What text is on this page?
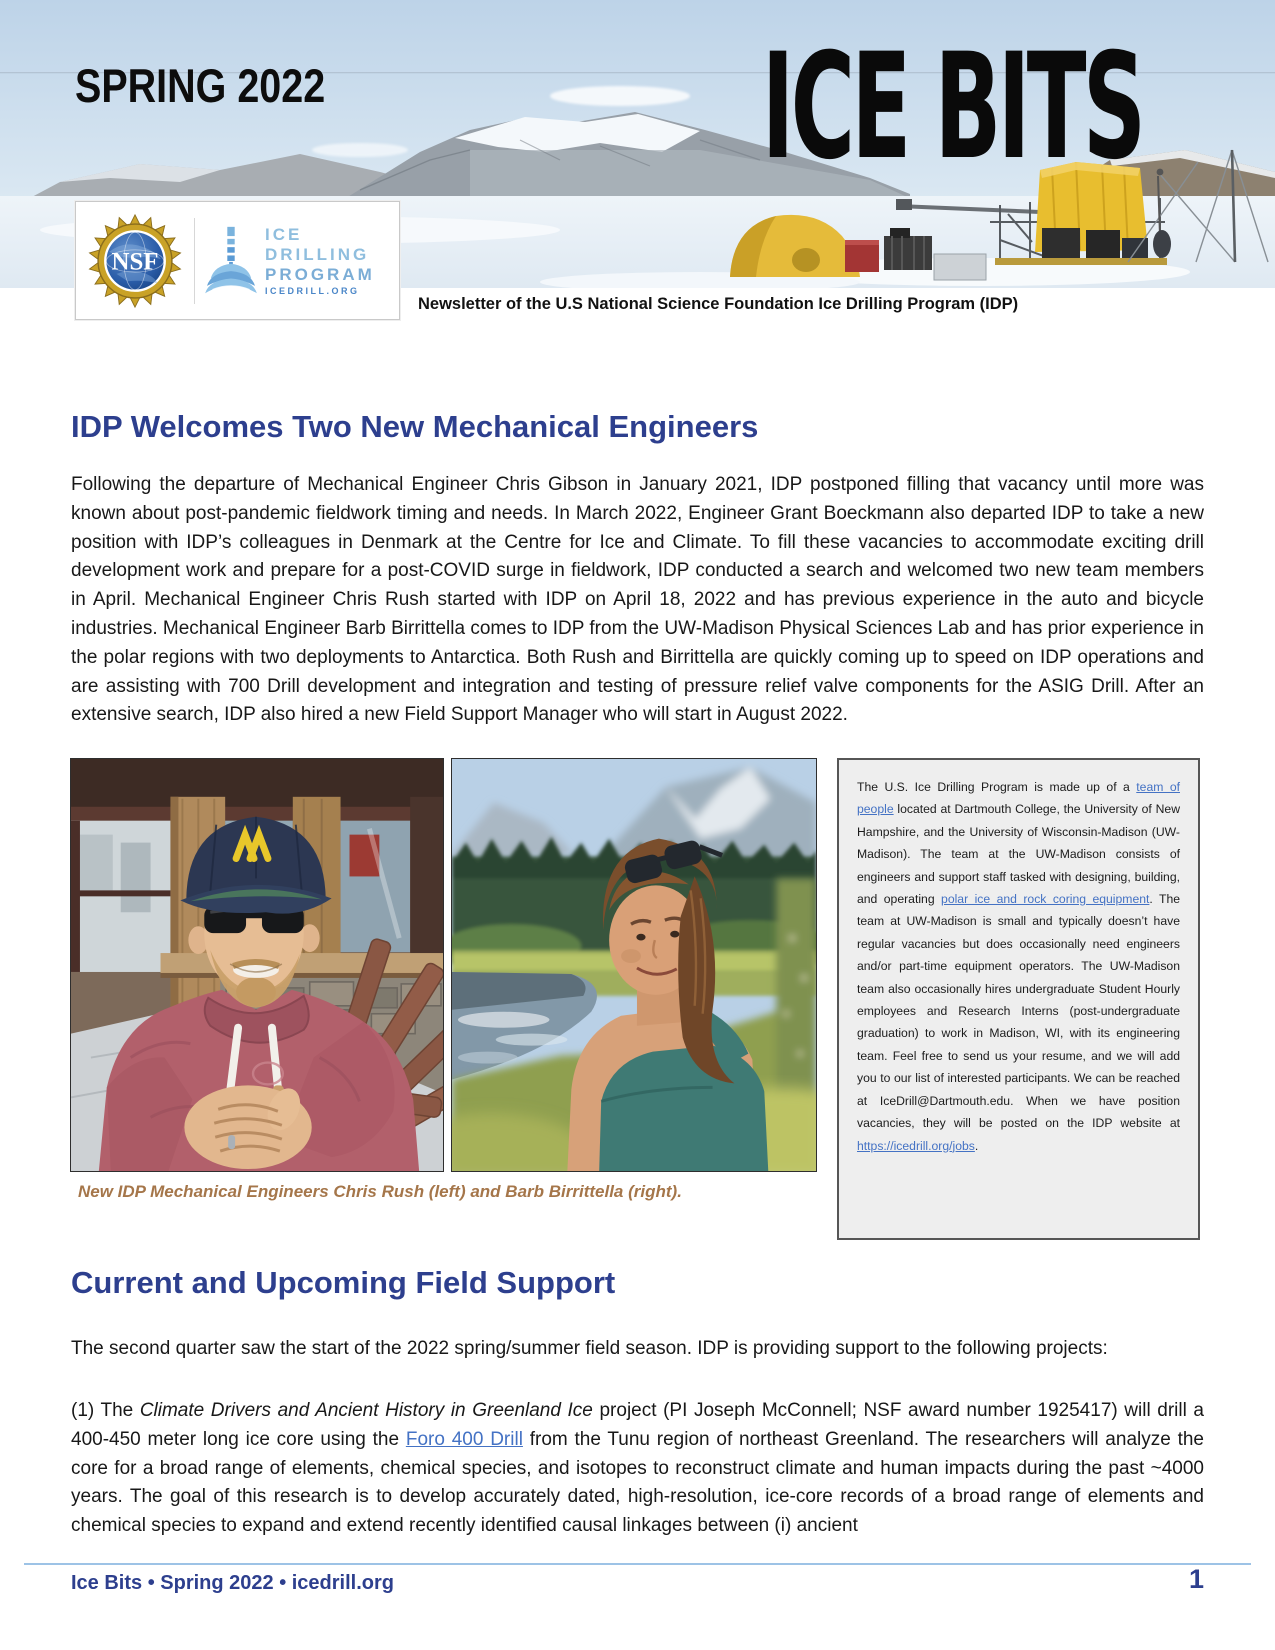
SPRING 2022	ICE BITS
NSF
ICE
DRILLING
PROGRAM
ICEDRILL.ORG
Newsletter of the U.S National Science Foundation Ice Drilling Program (IDP)
IDP Welcomes Two New Mechanical Engineers

Following the departure of Mechanical Engineer Chris Gibson in January 2021, IDP postponed filling that vacancy until more was known about post-pandemic fieldwork timing and needs. In March 2022, Engineer Grant Boeckmann also departed IDP to take a new position with IDP’s colleagues in Denmark at the Centre for Ice and Climate. To fill these vacancies to accommodate exciting drill development work and prepare for a post-COVID surge in fieldwork, IDP conducted a search and welcomed two new team members in April. Mechanical Engineer Chris Rush started with IDP on April 18, 2022 and has previous experience in the auto and bicycle industries. Mechanical Engineer Barb Birrittella comes to IDP from the UW-Madison Physical Sciences Lab and has prior experience in the polar regions with two deployments to Antarctica. Both Rush and Birrittella are quickly coming up to speed on IDP operations and are assisting with 700 Drill development and integration and testing of pressure relief valve components for the ASIG Drill. After an extensive search, IDP also hired a new Field Support Manager who will start in August 2022.

New IDP Mechanical Engineers Chris Rush (left) and Barb Birrittella (right).
The U.S. Ice Drilling Program is made up of a team of people located at Dartmouth College, the University of New Hampshire, and the University of Wisconsin-Madison (UW-Madison). The team at the UW-Madison consists of engineers and support staff tasked with designing, building, and operating polar ice and rock coring equipment. The team at UW-Madison is small and typically doesn’t have regular vacancies but does occasionally need engineers and/or part-time equipment operators. The UW-Madison team also occasionally hires undergraduate Student Hourly employees and Research Interns (post-undergraduate graduation) to work in Madison, WI, with its engineering team. Feel free to send us your resume, and we will add you to our list of interested participants. We can be reached at IceDrill@Dartmouth.edu. When we have position vacancies, they will be posted on the IDP website at https://icedrill.org/jobs.
Current and Upcoming Field Support

The second quarter saw the start of the 2022 spring/summer field season. IDP is providing support to the following projects:

(1) The Climate Drivers and Ancient History in Greenland Ice project (PI Joseph McConnell; NSF award number 1925417) will drill a 400-450 meter long ice core using the Foro 400 Drill from the Tunu region of northeast Greenland. The researchers will analyze the core for a broad range of elements, chemical species, and isotopes to reconstruct climate and human impacts during the past ~4000 years. The goal of this research is to develop accurately dated, high-resolution, ice-core records of a broad range of elements and chemical species to expand and extend recently identified causal linkages between (i) ancient

Ice Bits • Spring 2022 • icedrill.org	1
